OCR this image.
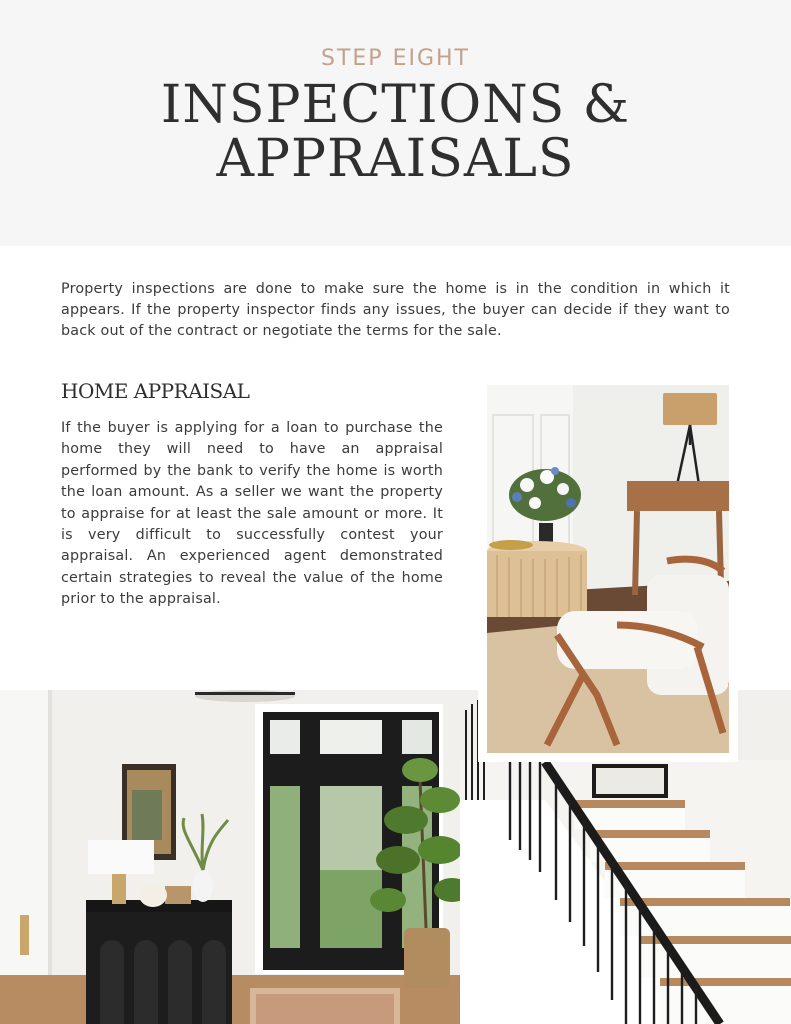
STEP EIGHT
INSPECTIONS &
APPRAISALS

Property inspections are done to make sure the home is in the condition in which it appears. If the property inspector finds any issues, the buyer can decide if they want to back out of the contract or negotiate the terms for the sale.

HOME APPRAISAL

If the buyer is applying for a loan to purchase the home they will need to have an appraisal performed by the bank to verify the home is worth the loan amount. As a seller we want the property to appraise for at least the sale amount or more. It is very difficult to successfully contest your appraisal. An experienced agent demonstrated certain strategies to reveal the value of the home prior to the appraisal.
